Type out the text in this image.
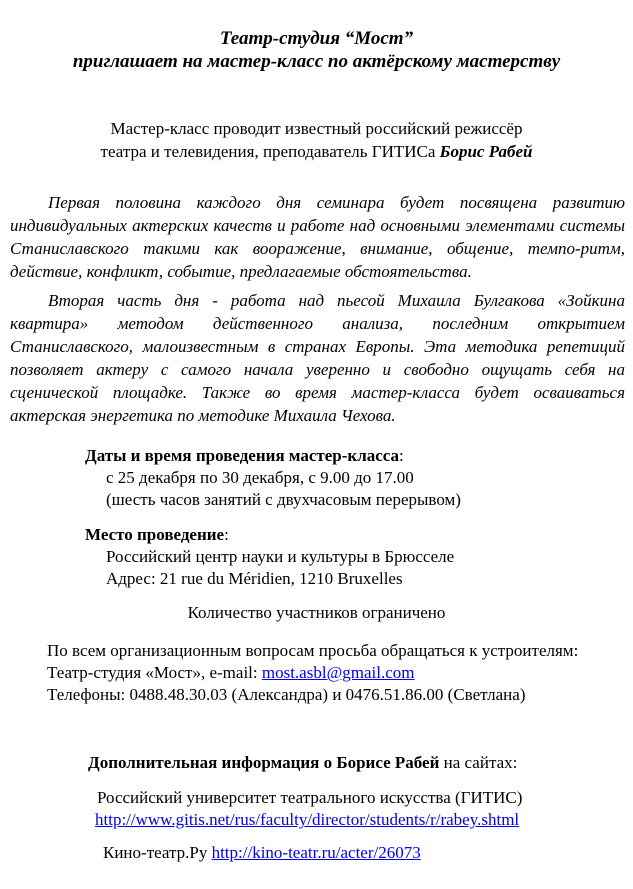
Театр-студия “Мост”
приглашает на мастер-класс по актёрскому мастерству
Мастер-класс проводит известный российский режиссёр
театра и телевидения, преподаватель ГИТИСа Борис Рабей

Первая половина каждого дня семинара будет посвящена развитию индивидуальных актерских качеств и работе над основными элементами системы Станиславского такими как вооражение, внимание, общение, темпо-ритм, действие, конфликт, событие, предлагаемые обстоятельства.

Вторая часть дня - работа над пьесой Михаила Булгакова «Зойкина квартира» методом действенного анализа, последним открытием Станиславского, малоизвестным в странах Европы. Эта методика репетиций позволяет актеру с самого начала уверенно и свободно ощущать себя на сценической площадке. Также во время мастер-класса будет осваиваться актерская энергетика по методике Михаила Чехова.

Даты и время проведения мастер-класса:
с 25 декабря по 30 декабря, с 9.00 до 17.00
(шесть часов занятий с двухчасовым перерывом)
Место проведение:
Российский центр науки и культуры в Брюсселе
Адрес: 21 rue du Méridien, 1210 Bruxelles
Количество участников ограничено
По всем организационным вопросам просьба обращаться к устроителям:
Театр-студия «Мост», e-mail: most.asbl@gmail.com
Телефоны: 0488.48.30.03 (Александра) и 0476.51.86.00 (Светлана)
Дополнительная информация о Борисе Рабей на сайтах:
Российский университет театрального искусства (ГИТИС)
http://www.gitis.net/rus/faculty/director/students/r/rabey.shtml
Кино-театр.Ру http://kino-teatr.ru/acter/26073
